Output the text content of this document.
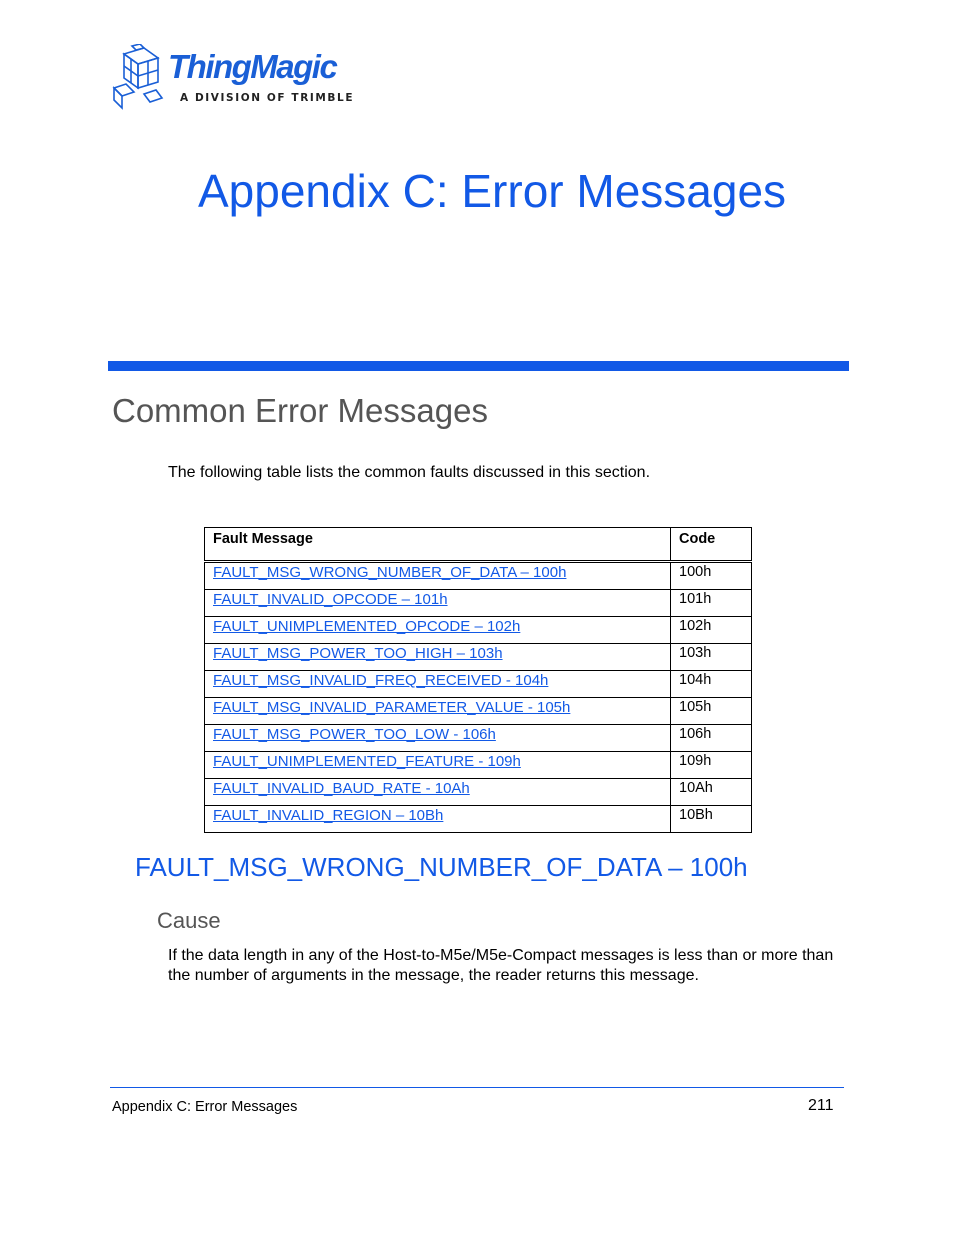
ThingMagic
A DIVISION OF TRIMBLE
Appendix C: Error Messages
Common Error Messages

The following table lists the common faults discussed in this section.

Fault Message	Code
FAULT_MSG_WRONG_NUMBER_OF_DATA – 100h	100h
FAULT_INVALID_OPCODE – 101h	101h
FAULT_UNIMPLEMENTED_OPCODE – 102h	102h
FAULT_MSG_POWER_TOO_HIGH – 103h	103h
FAULT_MSG_INVALID_FREQ_RECEIVED - 104h	104h
FAULT_MSG_INVALID_PARAMETER_VALUE - 105h	105h
FAULT_MSG_POWER_TOO_LOW - 106h	106h
FAULT_UNIMPLEMENTED_FEATURE - 109h	109h
FAULT_INVALID_BAUD_RATE - 10Ah	10Ah
FAULT_INVALID_REGION – 10Bh	10Bh
FAULT_MSG_WRONG_NUMBER_OF_DATA – 100h
Cause

If the data length in any of the Host-to-M5e/M5e-Compact messages is less than or more than the number of arguments in the message, the reader returns this message.

Appendix C: Error Messages	211
